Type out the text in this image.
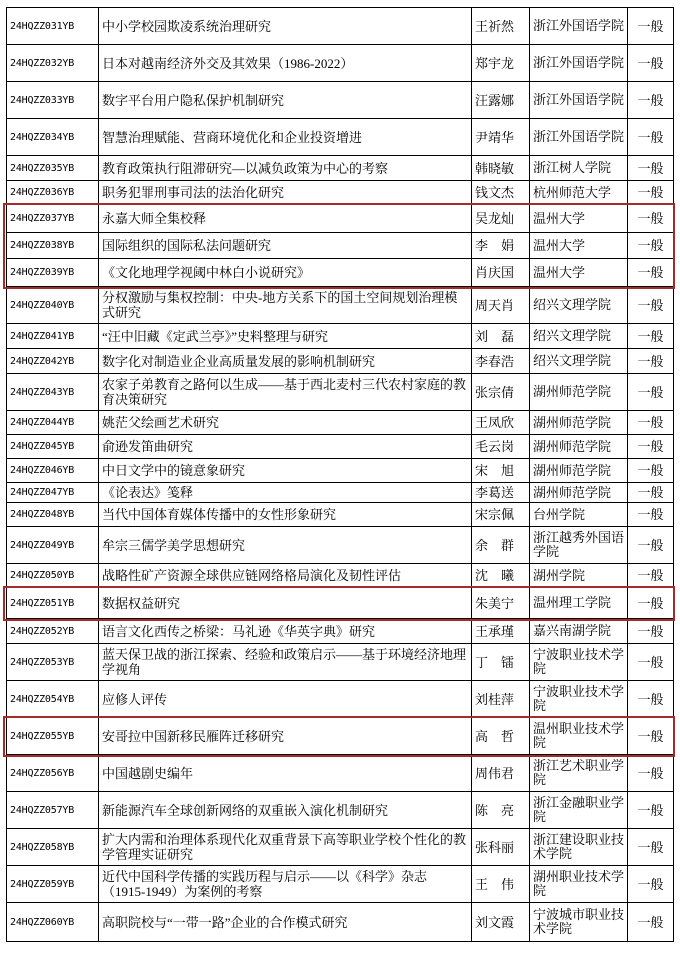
24HQZZ031YB	中小学校园欺凌系统治理研究	王祈然	浙江外国语学院	一般
24HQZZ032YB	日本对越南经济外交及其效果（1986-2022）	郑宇龙	浙江外国语学院	一般
24HQZZ033YB	数字平台用户隐私保护机制研究	汪露娜	浙江外国语学院	一般
24HQZZ034YB	智慧治理赋能、营商环境优化和企业投资增进	尹靖华	浙江外国语学院	一般
24HQZZ035YB	教育政策执行阻滞研究—以减负政策为中心的考察	韩晓敏	浙江树人学院	一般
24HQZZ036YB	职务犯罪刑事司法的法治化研究	钱文杰	杭州师范大学	一般
24HQZZ037YB	永嘉大师全集校释	吴龙灿	温州大学	一般
24HQZZ038YB	国际组织的国际私法问题研究	李　娟	温州大学	一般
24HQZZ039YB	《文化地理学视阈中林白小说研究》	肖庆国	温州大学	一般
24HQZZ040YB	分权激励与集权控制：中央-地方关系下的国土空间规划治理模式研究	周天肖	绍兴文理学院	一般
24HQZZ041YB	“汪中旧藏《定武兰亭》”史料整理与研究	刘　磊	绍兴文理学院	一般
24HQZZ042YB	数字化对制造业企业高质量发展的影响机制研究	李春浩	绍兴文理学院	一般
24HQZZ043YB	农家子弟教育之路何以生成——基于西北麦村三代农村家庭的教育决策研究	张宗倩	湖州师范学院	一般
24HQZZ044YB	姚茫父绘画艺术研究	王凤欣	湖州师范学院	一般
24HQZZ045YB	俞逊发笛曲研究	毛云岗	湖州师范学院	一般
24HQZZ046YB	中日文学中的镜意象研究	宋　旭	湖州师范学院	一般
24HQZZ047YB	《论表达》笺释	李葛送	湖州师范学院	一般
24HQZZ048YB	当代中国体育媒体传播中的女性形象研究	宋宗佩	台州学院	一般
24HQZZ049YB	牟宗三儒学美学思想研究	余　群	浙江越秀外国语学院	一般
24HQZZ050YB	战略性矿产资源全球供应链网络格局演化及韧性评估	沈　曦	湖州学院	一般
24HQZZ051YB	数据权益研究	朱美宁	温州理工学院	一般
24HQZZ052YB	语言文化西传之桥梁：马礼逊《华英字典》研究	王承瑾	嘉兴南湖学院	一般
24HQZZ053YB	蓝天保卫战的浙江探索、经验和政策启示——基于环境经济地理学视角	丁　镭	宁波职业技术学院	一般
24HQZZ054YB	应修人评传	刘桂萍	宁波职业技术学院	一般
24HQZZ055YB	安哥拉中国新移民雁阵迁移研究	高　哲	温州职业技术学院	一般
24HQZZ056YB	中国越剧史编年	周伟君	浙江艺术职业学院	一般
24HQZZ057YB	新能源汽车全球创新网络的双重嵌入演化机制研究	陈　亮	浙江金融职业学院	一般
24HQZZ058YB	扩大内需和治理体系现代化双重背景下高等职业学校个性化的教学管理实证研究	张科丽	浙江建设职业技术学院	一般
24HQZZ059YB	近代中国科学传播的实践历程与启示——以《科学》杂志（1915-1949）为案例的考察	王　伟	湖州职业技术学院	一般
24HQZZ060YB	高职院校与“一带一路”企业的合作模式研究	刘文霞	宁波城市职业技术学院	一般
